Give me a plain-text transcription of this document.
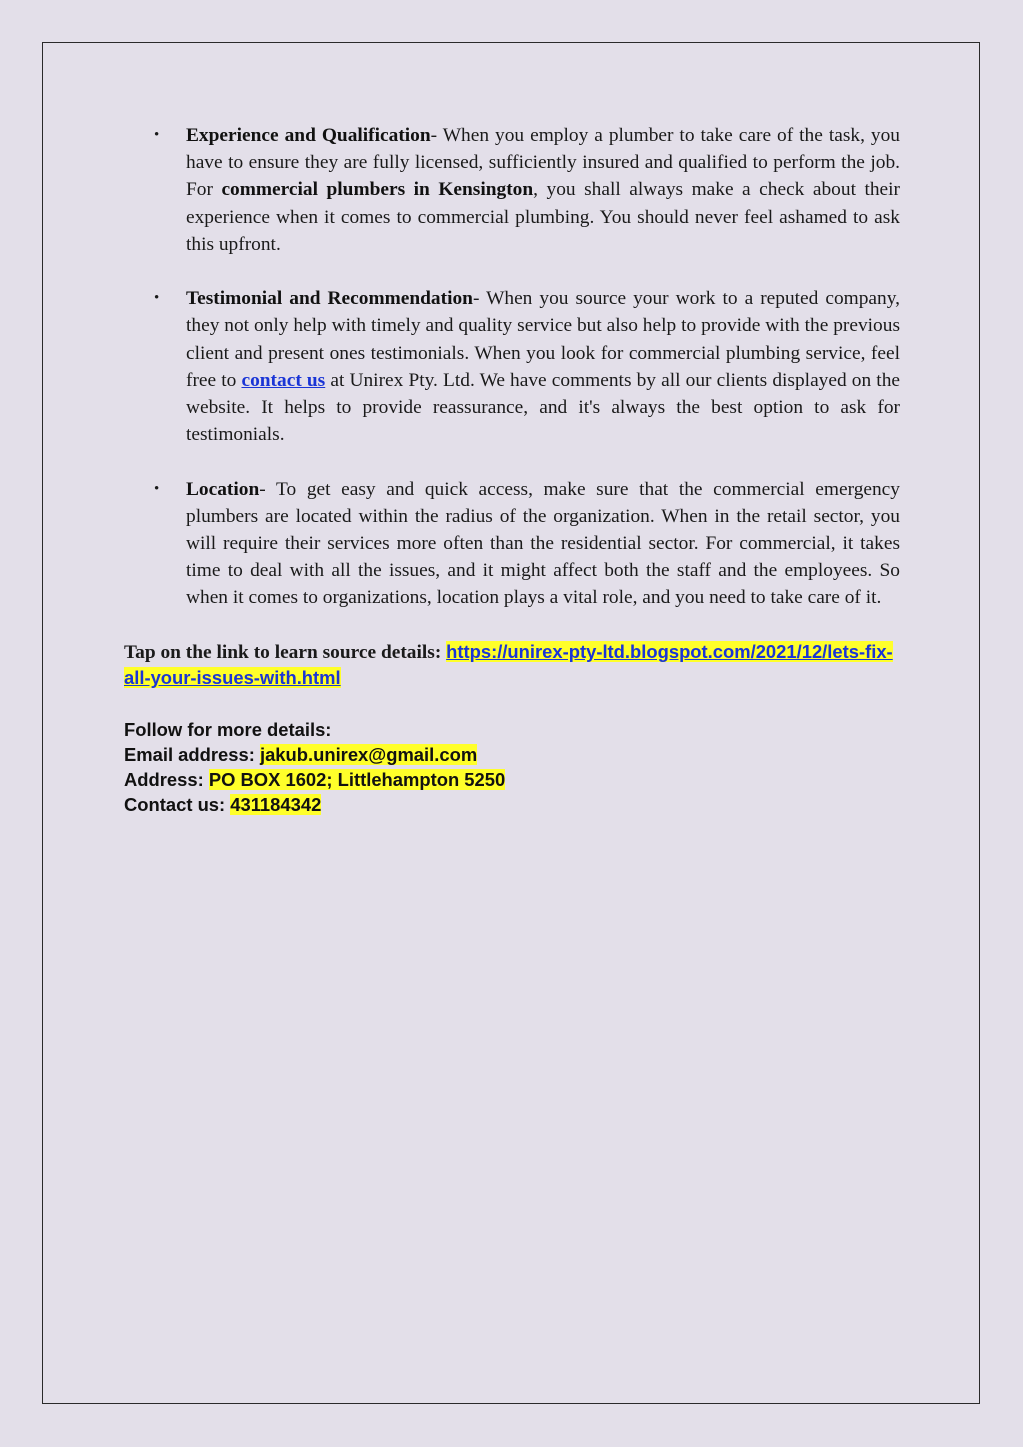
• Experience and Qualification- When you employ a plumber to take care of the task, you have to ensure they are fully licensed, sufficiently insured and qualified to perform the job. For commercial plumbers in Kensington, you shall always make a check about their experience when it comes to commercial plumbing. You should never feel ashamed to ask this upfront.
• Testimonial and Recommendation- When you source your work to a reputed company, they not only help with timely and quality service but also help to provide with the previous client and present ones testimonials. When you look for commercial plumbing service, feel free to contact us at Unirex Pty. Ltd. We have comments by all our clients displayed on the website. It helps to provide reassurance, and it's always the best option to ask for testimonials.
• Location- To get easy and quick access, make sure that the commercial emergency plumbers are located within the radius of the organization. When in the retail sector, you will require their services more often than the residential sector. For commercial, it takes time to deal with all the issues, and it might affect both the staff and the employees. So when it comes to organizations, location plays a vital role, and you need to take care of it.
Tap on the link to learn source details: https://unirex-pty-ltd.blogspot.com/2021/12/lets-fix-all-your-issues-with.html
Follow for more details:
Email address: jakub.unirex@gmail.com
Address: PO BOX 1602; Littlehampton 5250
Contact us: 431184342
